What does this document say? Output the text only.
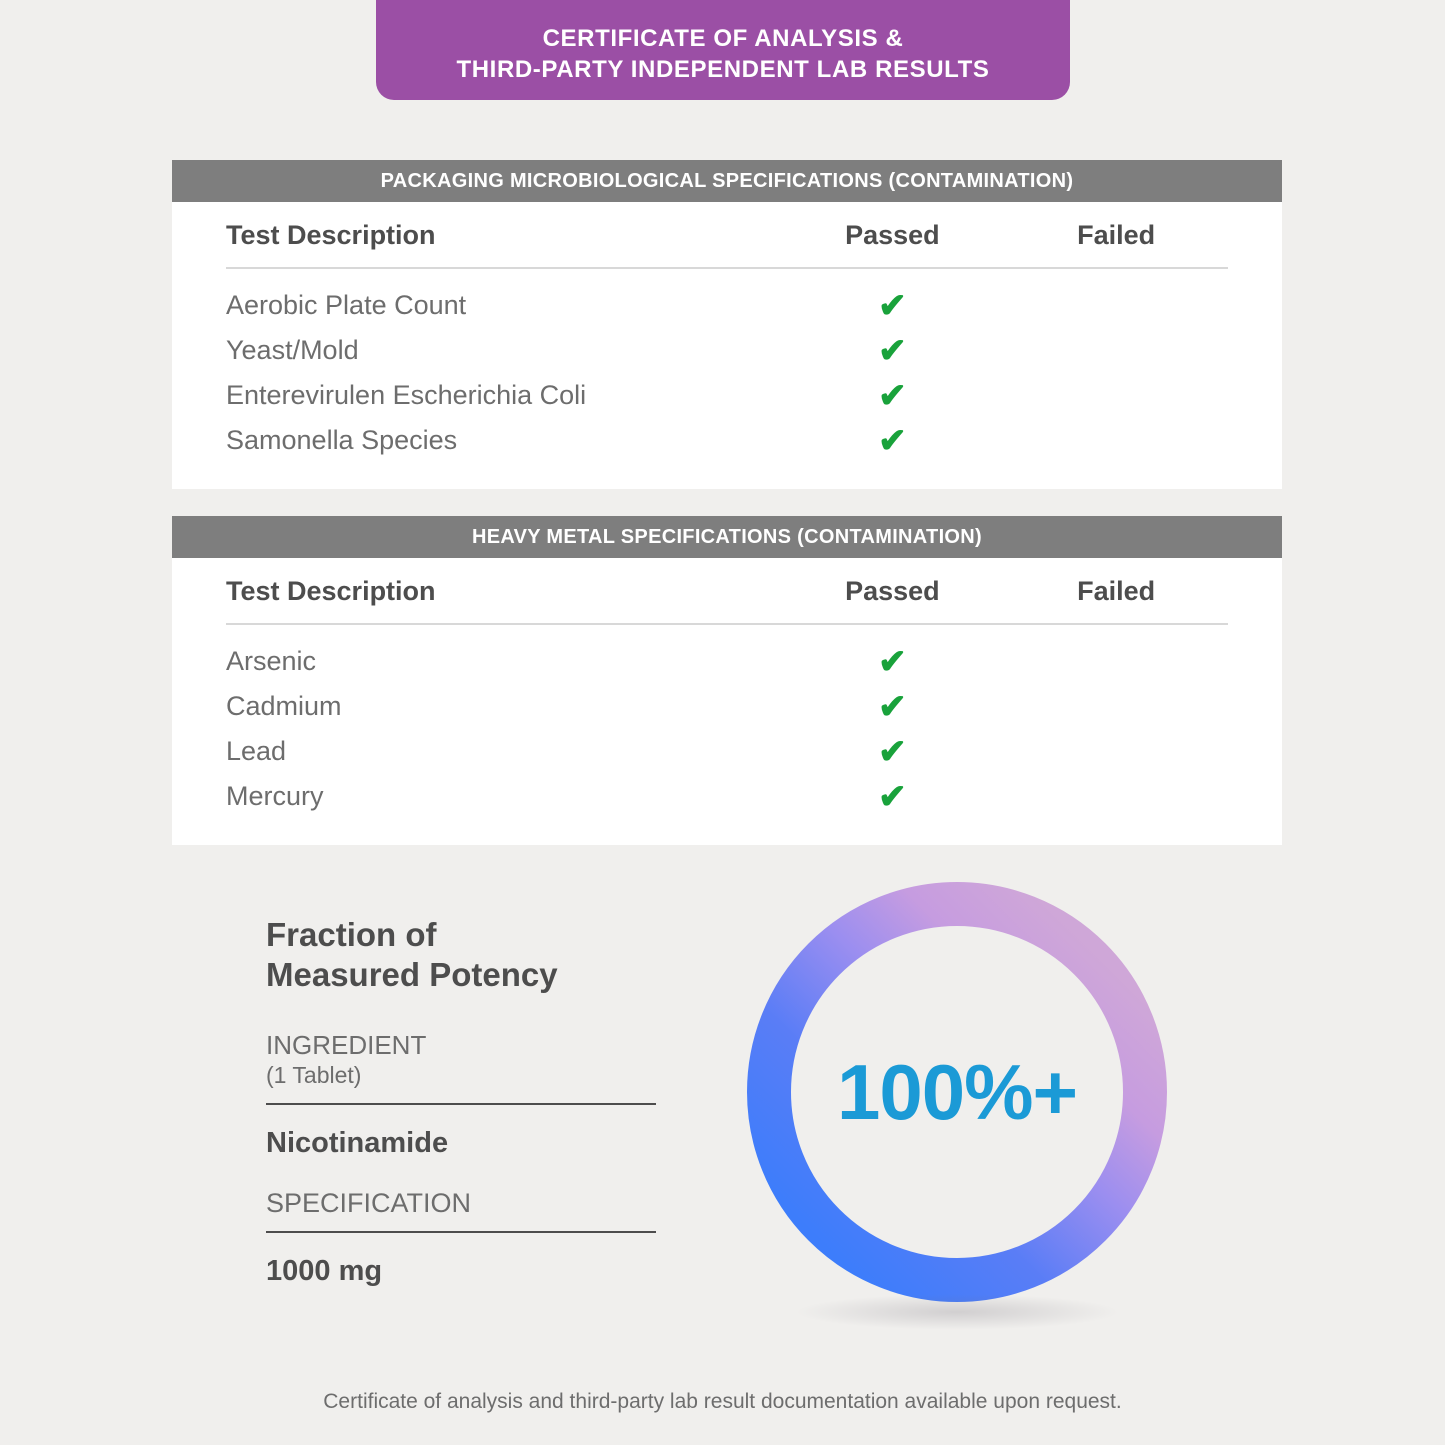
CERTIFICATE OF ANALYSIS &
THIRD-PARTY INDEPENDENT LAB RESULTS
PACKAGING MICROBIOLOGICAL SPECIFICATIONS (CONTAMINATION)
Test Description	Passed	Failed
Aerobic Plate Count	✔
Yeast/Mold	✔
Enterevirulen Escherichia Coli	✔
Samonella Species	✔
HEAVY METAL SPECIFICATIONS (CONTAMINATION)
Test Description	Passed	Failed
Arsenic	✔
Cadmium	✔
Lead	✔
Mercury	✔
Fraction of
Measured Potency
INGREDIENT
(1 Tablet)
Nicotinamide
SPECIFICATION
1000 mg
100%+
Certificate of analysis and third-party lab result documentation available upon request.
